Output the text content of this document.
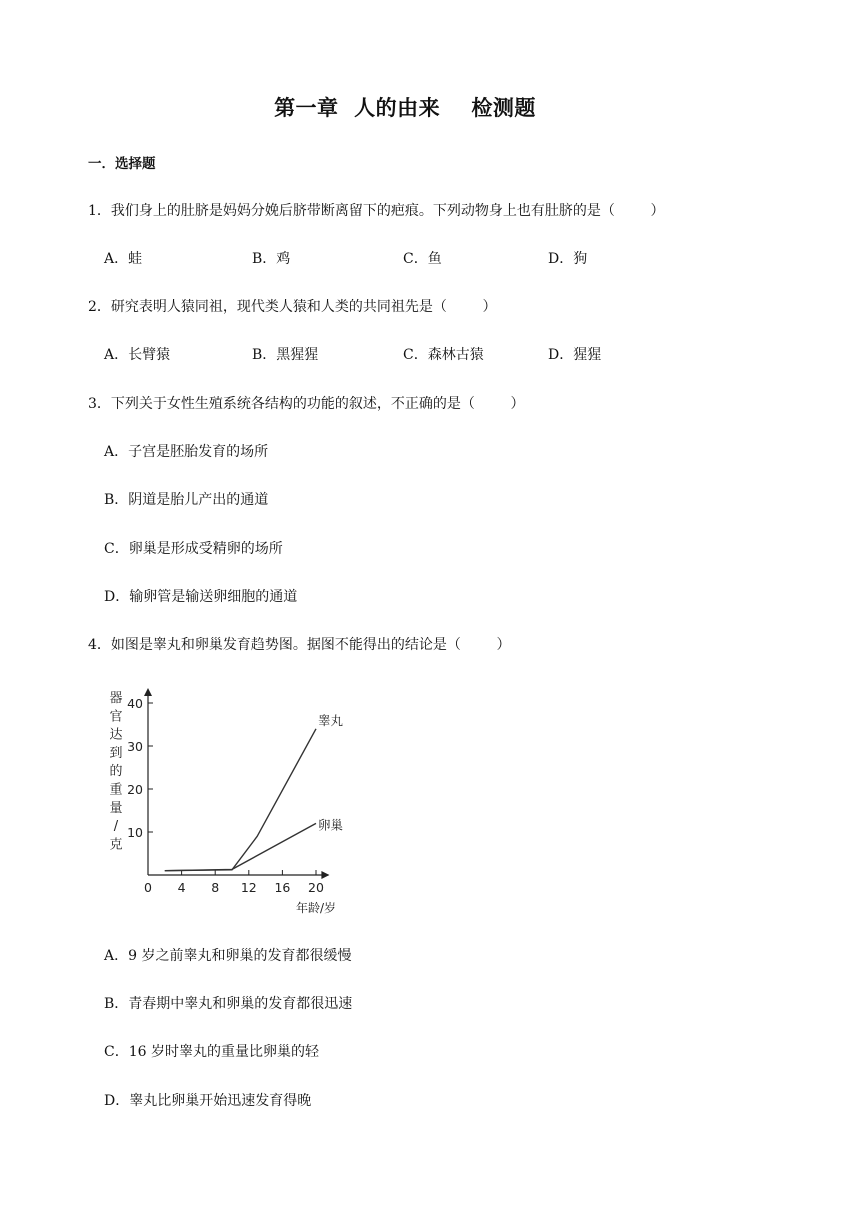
第一章  人的由来    检测题
一．选择题
1．我们身上的肚脐是妈妈分娩后脐带断离留下的疤痕。下列动物身上也有肚脐的是（        ）
A．蛙	B．鸡	C．鱼	D．狗
2．研究表明人猿同祖，现代类人猿和人类的共同祖先是（        ）
A．长臂猿	B．黑猩猩	C．森林古猿	D．猩猩
3．下列关于女性生殖系统各结构的功能的叙述，不正确的是（        ）
A．子宫是胚胎发育的场所
B．阴道是胎儿产出的通道
C．卵巢是形成受精卵的场所
D．输卵管是输送卵细胞的通道
4．如图是睾丸和卵巢发育趋势图。据图不能得出的结论是（        ）
器
官
达
到
的
重
量
/
克
0 4 8 12 16 20
10
20
30
40
睾丸
卵巢
年龄/岁
A．9 岁之前睾丸和卵巢的发育都很缓慢
B．青春期中睾丸和卵巢的发育都很迅速
C．16 岁时睾丸的重量比卵巢的轻
D．睾丸比卵巢开始迅速发育得晚
